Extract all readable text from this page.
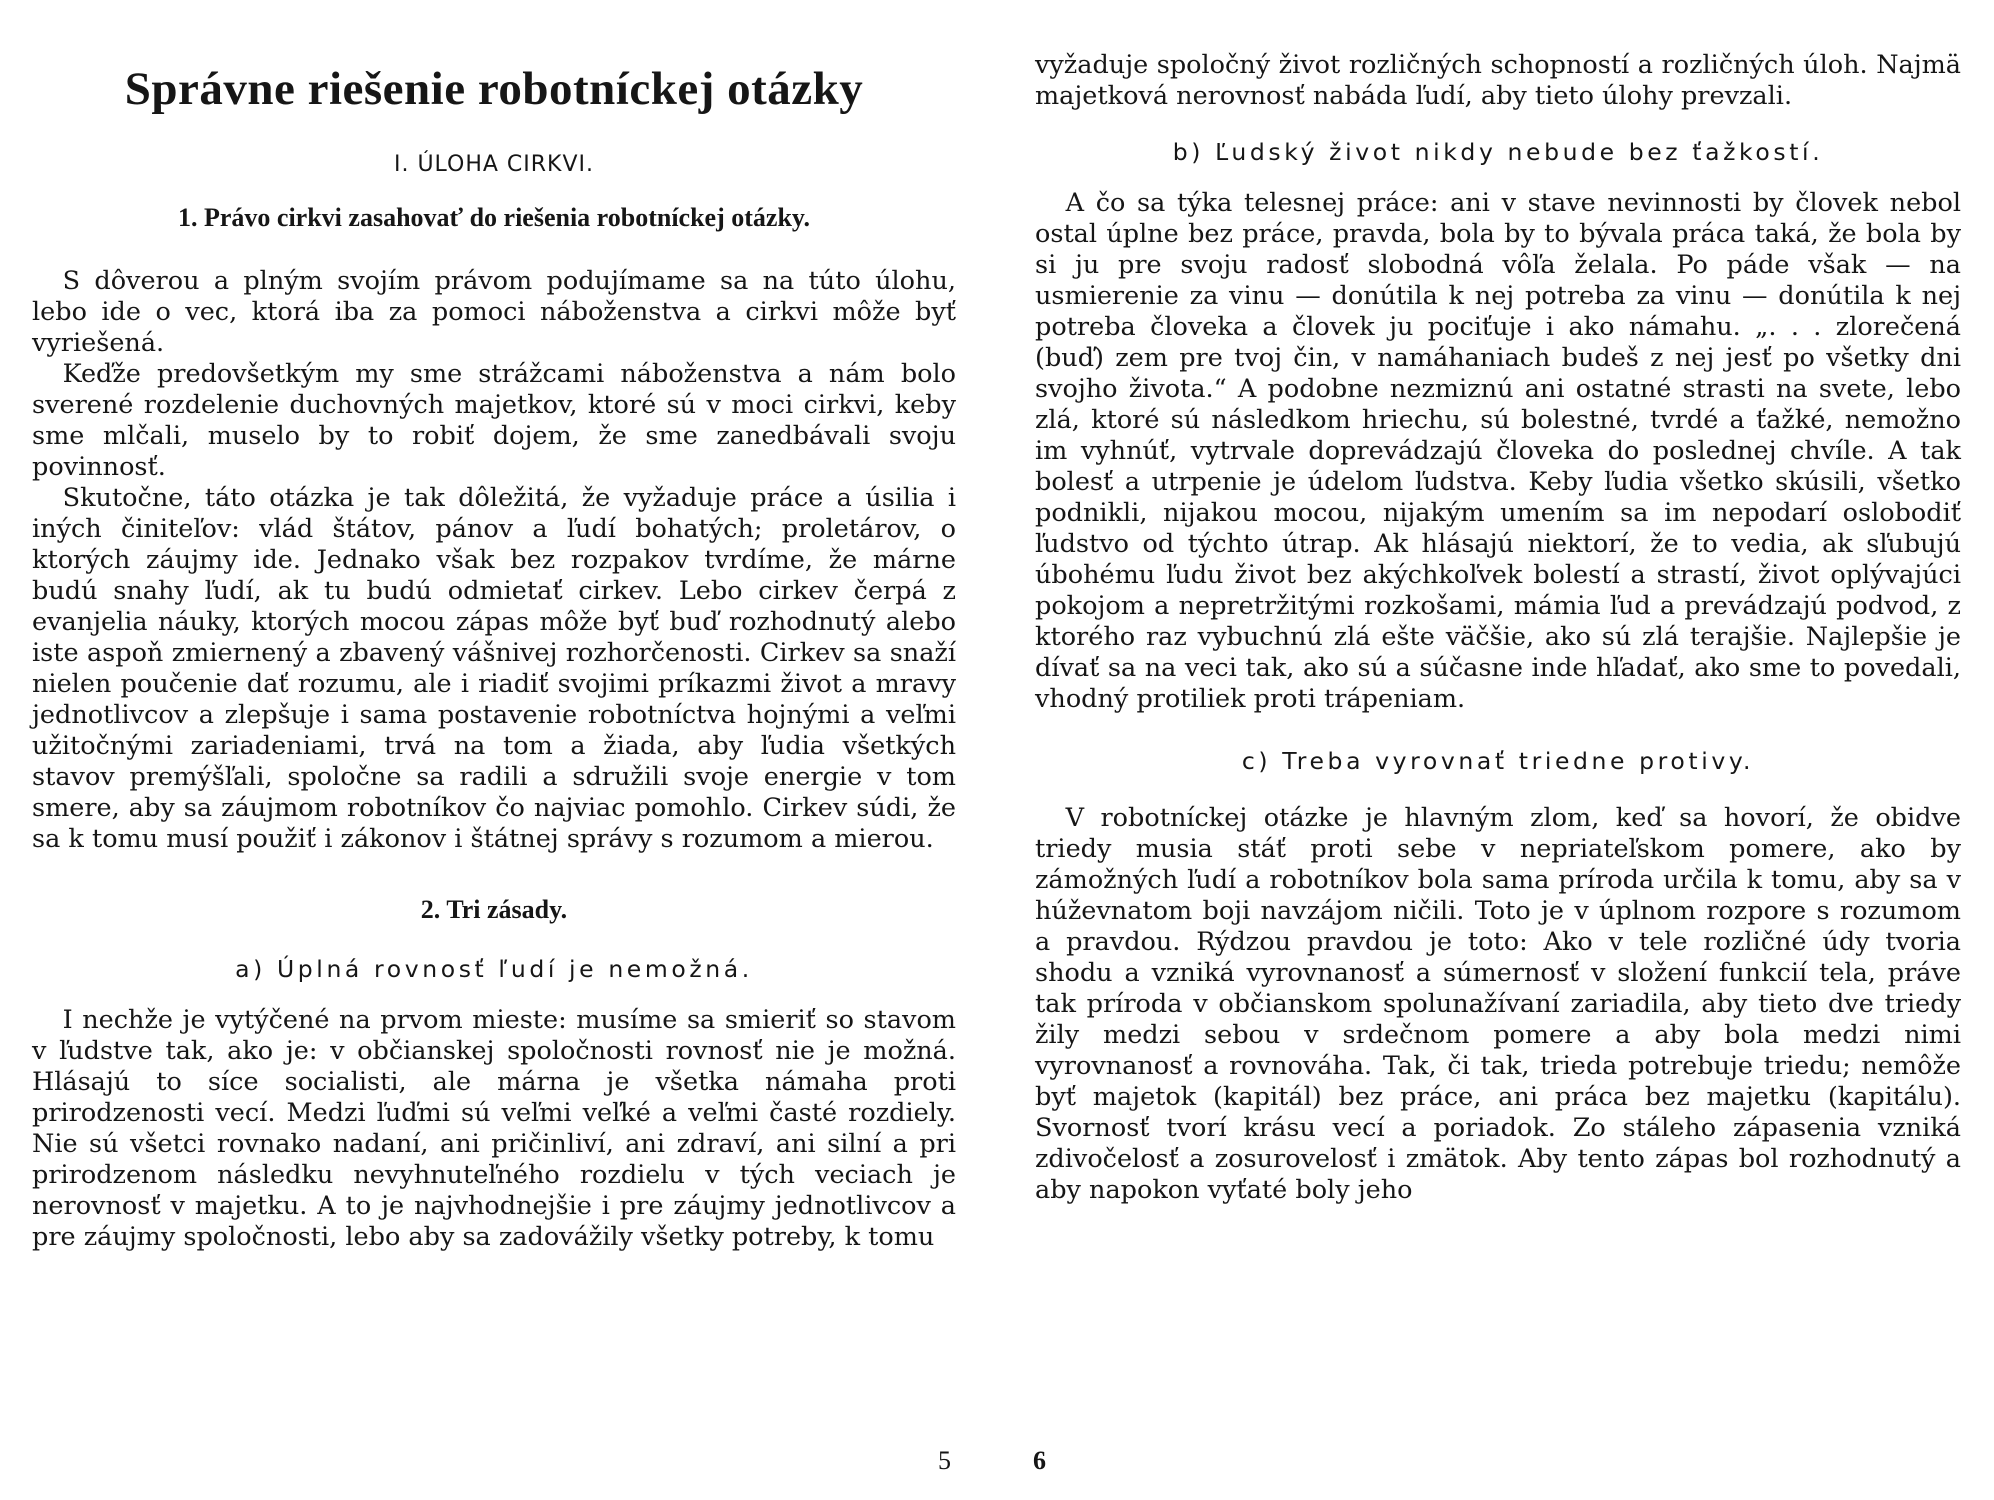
Správne riešenie robotníckej otázky
I. ÚLOHA CIRKVI.
1. Právo cirkvi zasahovať do riešenia robotníckej otázky.

S dôverou a plným svojím právom podujímame sa na túto úlohu, lebo ide o vec, ktorá iba za pomoci náboženstva a cirkvi môže byť vyriešená.

Keďže predovšetkým my sme strážcami náboženstva a nám bolo sverené rozdelenie duchovných majetkov, ktoré sú v moci cirkvi, keby sme mlčali, muselo by to robiť dojem, že sme zanedbávali svoju povinnosť.

Skutočne, táto otázka je tak dôležitá, že vyžaduje práce a úsilia i iných činiteľov: vlád štátov, pánov a ľudí bohatých; proletárov, o ktorých záujmy ide. Jednako však bez rozpakov tvrdíme, že márne budú snahy ľudí, ak tu budú odmietať cirkev. Lebo cirkev čerpá z evanjelia náuky, ktorých mocou zápas môže byť buď rozhodnutý alebo iste aspoň zmiernený a zbavený vášnivej rozhorčenosti. Cirkev sa snaží nielen poučenie dať rozumu, ale i riadiť svojimi príkazmi život a mravy jednotlivcov a zlepšuje i sama postavenie robotníctva hojnými a veľmi užitočnými zariadeniami, trvá na tom a žiada, aby ľudia všetkých stavov premýšľali, spoločne sa radili a sdružili svoje energie v tom smere, aby sa záujmom robotníkov čo najviac pomohlo. Cirkev súdi, že sa k tomu musí použiť i zákonov i štátnej správy s rozumom a mierou.

2. Tri zásady.
a) Úplná rovnosť ľudí je nemožná.

I nechže je vytýčené na prvom mieste: musíme sa smieriť so stavom v ľudstve tak, ako je: v občianskej spoločnosti rovnosť nie je možná. Hlásajú to síce socialisti, ale márna je všetka námaha proti prirodzenosti vecí. Medzi ľuďmi sú veľmi veľké a veľmi časté rozdiely. Nie sú všetci rovnako nadaní, ani pričinliví, ani zdraví, ani silní a pri prirodzenom následku nevyhnuteľného rozdielu v tých veciach je nerovnosť v majetku. A to je najvhodnejšie i pre záujmy jednotlivcov a pre záujmy spoločnosti, lebo aby sa zadovážily všetky potreby, k tomu

5

vyžaduje spoločný život rozličných schopností a rozličných úloh. Najmä majetková nerovnosť nabáda ľudí, aby tieto úlohy prevzali.

b) Ľudský život nikdy nebude bez ťažkostí.

A čo sa týka telesnej práce: ani v stave nevinnosti by človek nebol ostal úplne bez práce, pravda, bola by to bývala práca taká, že bola by si ju pre svoju radosť slobodná vôľa želala. Po páde však — na usmierenie za vinu — donútila k nej potreba za vinu — donútila k nej potreba človeka a človek ju pociťuje i ako námahu. „. . . zlorečená (buď) zem pre tvoj čin, v namáhaniach budeš z nej jesť po všetky dni svojho života.“ A podobne nezmiznú ani ostatné strasti na svete, lebo zlá, ktoré sú následkom hriechu, sú bolestné, tvrdé a ťažké, nemožno im vyhnúť, vytrvale doprevádzajú človeka do poslednej chvíle. A tak bolesť a utrpenie je údelom ľudstva. Keby ľudia všetko skúsili, všetko podnikli, nijakou mocou, nijakým umením sa im nepodarí oslobodiť ľudstvo od týchto útrap. Ak hlásajú niektorí, že to vedia, ak sľubujú úbohému ľudu život bez akýchkoľvek bolestí a strastí, život oplývajúci pokojom a nepretržitými rozkošami, mámia ľud a prevádzajú podvod, z ktorého raz vybuchnú zlá ešte väčšie, ako sú zlá terajšie. Najlepšie je dívať sa na veci tak, ako sú a súčasne inde hľadať, ako sme to povedali, vhodný protiliek proti trápeniam.

c) Treba vyrovnať triedne protivy.

V robotníckej otázke je hlavným zlom, keď sa hovorí, že obidve triedy musia stáť proti sebe v nepriateľskom pomere, ako by zámožných ľudí a robotníkov bola sama príroda určila k tomu, aby sa v húževnatom boji navzájom ničili. Toto je v úplnom rozpore s rozumom a pravdou. Rýdzou pravdou je toto: Ako v tele rozličné údy tvoria shodu a vzniká vyrovnanosť a súmernosť v složení funkcií tela, práve tak príroda v občianskom spolunažívaní zariadila, aby tieto dve triedy žily medzi sebou v srdečnom pomere a aby bola medzi nimi vyrovnanosť a rovnováha. Tak, či tak, trieda potrebuje triedu; nemôže byť majetok (kapitál) bez práce, ani práca bez majetku (kapitálu). Svornosť tvorí krásu vecí a poriadok. Zo stáleho zápasenia vzniká zdivočelosť a zosurovelosť i zmätok. Aby tento zápas bol rozhodnutý a aby napokon vyťaté boly jeho

6
